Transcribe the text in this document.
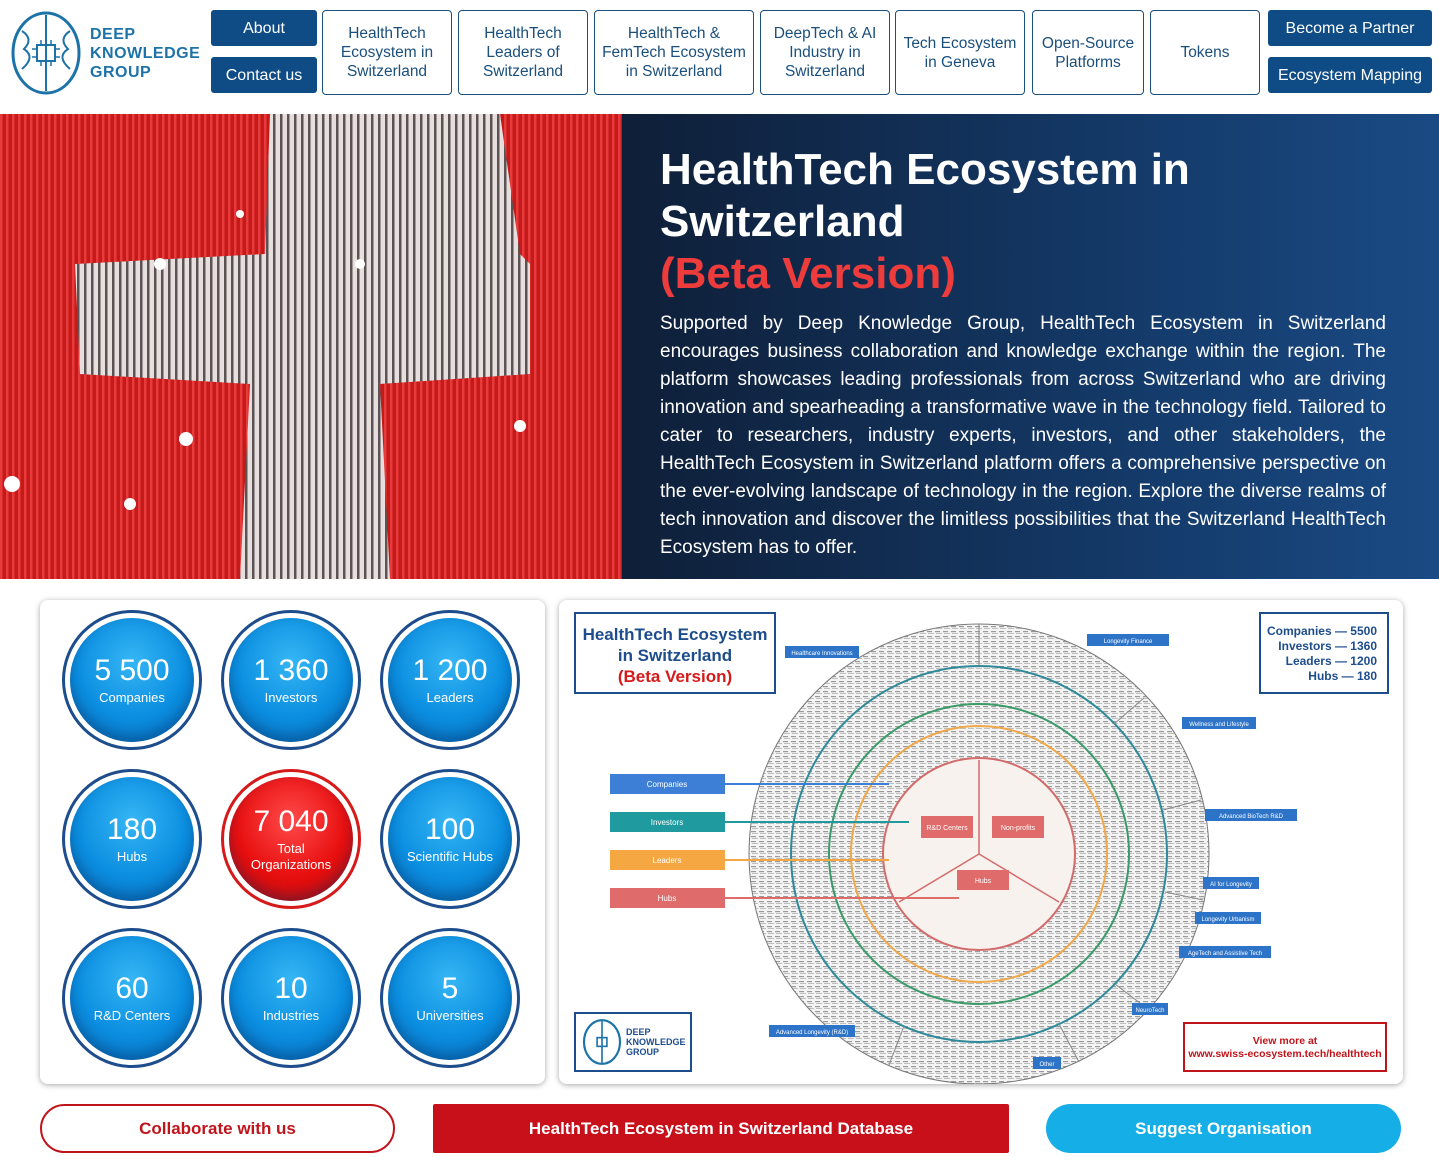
DEEP
KNOWLEDGE
GROUP
About
Contact us
HealthTech Ecosystem in Switzerland
HealthTech Leaders of Switzerland
HealthTech & FemTech Ecosystem in Switzerland
DeepTech & AI Industry in Switzerland
Tech Ecosystem in Geneva
Open-Source Platforms
Tokens
Become a Partner
Ecosystem Mapping
HealthTech Ecosystem in Switzerland
(Beta Version)

Supported by Deep Knowledge Group, HealthTech Ecosystem in Switzerland encourages business collaboration and knowledge exchange within the region. The platform showcases leading professionals from across Switzerland who are driving innovation and spearheading a transformative wave in the technology field. Tailored to cater to researchers, industry experts, investors, and other stakeholders, the HealthTech Ecosystem in Switzerland platform offers a comprehensive perspective on the ever-evolving landscape of technology in the region. Explore the diverse realms of tech innovation and discover the limitless possibilities that the Switzerland HealthTech Ecosystem has to offer.

5 500
Companies
1 360
Investors
1 200
Leaders
180
Hubs
7 040
Total Organizations
100
Scientific Hubs
60
R&D Centers
10
Industries
5
Universities
Companies
Investors
Leaders
Hubs
R&D Centers	Non-profits
Hubs
Healthcare Innovations
Longevity Finance
Wellness and Lifestyle
Advanced BioTech R&D
AI for Longevity
Longevity Urbanism
AgeTech and Assistive Tech
NeuroTech
Advanced Longevity (R&D)
Other
HealthTech Ecosystem in Switzerland
(Beta Version)
Companies — 5500
Investors — 1360
Leaders — 1200
Hubs — 180
DEEP
KNOWLEDGE
GROUP
View more at
www.swiss-ecosystem.tech/healthtech
Collaborate with us	HealthTech Ecosystem in Switzerland Database	Suggest Organisation
